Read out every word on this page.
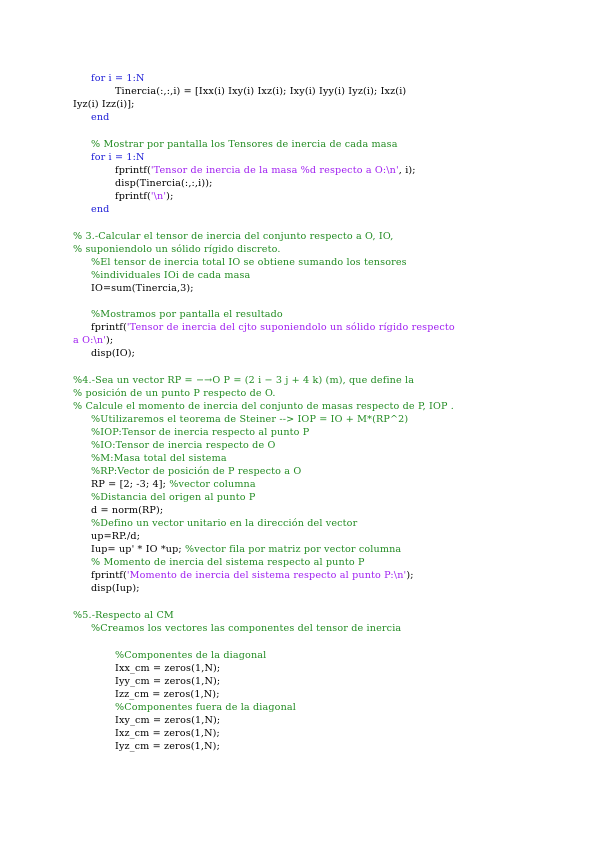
for i = 1:N
Tinercia(:,:,i) = [Ixx(i) Ixy(i) Ixz(i); Ixy(i) Iyy(i) Iyz(i); Ixz(i)
Iyz(i) Izz(i)];
end
% Mostrar por pantalla los Tensores de inercia de cada masa
for i = 1:N
fprintf('Tensor de inercia de la masa %d respecto a O:\n', i);
disp(Tinercia(:,:,i));
fprintf('\n');
end
% 3.-Calcular el tensor de inercia del conjunto respecto a O, IO,
% suponiendolo un sólido rígido discreto.
%El tensor de inercia total IO se obtiene sumando los tensores
%individuales IOi de cada masa
IO=sum(Tinercia,3);
%Mostramos por pantalla el resultado
fprintf('Tensor de inercia del cjto suponiendolo un sólido rígido respecto
a O:\n');
disp(IO);
%4.-Sea un vector RP = −→O P = (2 i − 3 j + 4 k) (m), que define la
% posición de un punto P respecto de O.
% Calcule el momento de inercia del conjunto de masas respecto de P, IOP .
%Utilizaremos el teorema de Steiner --> IOP = IO + M*(RP^2)
%IOP:Tensor de inercia respecto al punto P
%IO:Tensor de inercia respecto de O
%M:Masa total del sistema
%RP:Vector de posición de P respecto a O
RP = [2; -3; 4]; %vector columna
%Distancia del origen al punto P
d = norm(RP);
%Defino un vector unitario en la dirección del vector
up=RP./d;
Iup= up' * IO *up; %vector fila por matriz por vector columna
% Momento de inercia del sistema respecto al punto P
fprintf('Momento de inercia del sistema respecto al punto P:\n');
disp(Iup);
%5.-Respecto al CM
%Creamos los vectores las componentes del tensor de inercia
%Componentes de la diagonal
Ixx_cm = zeros(1,N);
Iyy_cm = zeros(1,N);
Izz_cm = zeros(1,N);
%Componentes fuera de la diagonal
Ixy_cm = zeros(1,N);
Ixz_cm = zeros(1,N);
Iyz_cm = zeros(1,N);
